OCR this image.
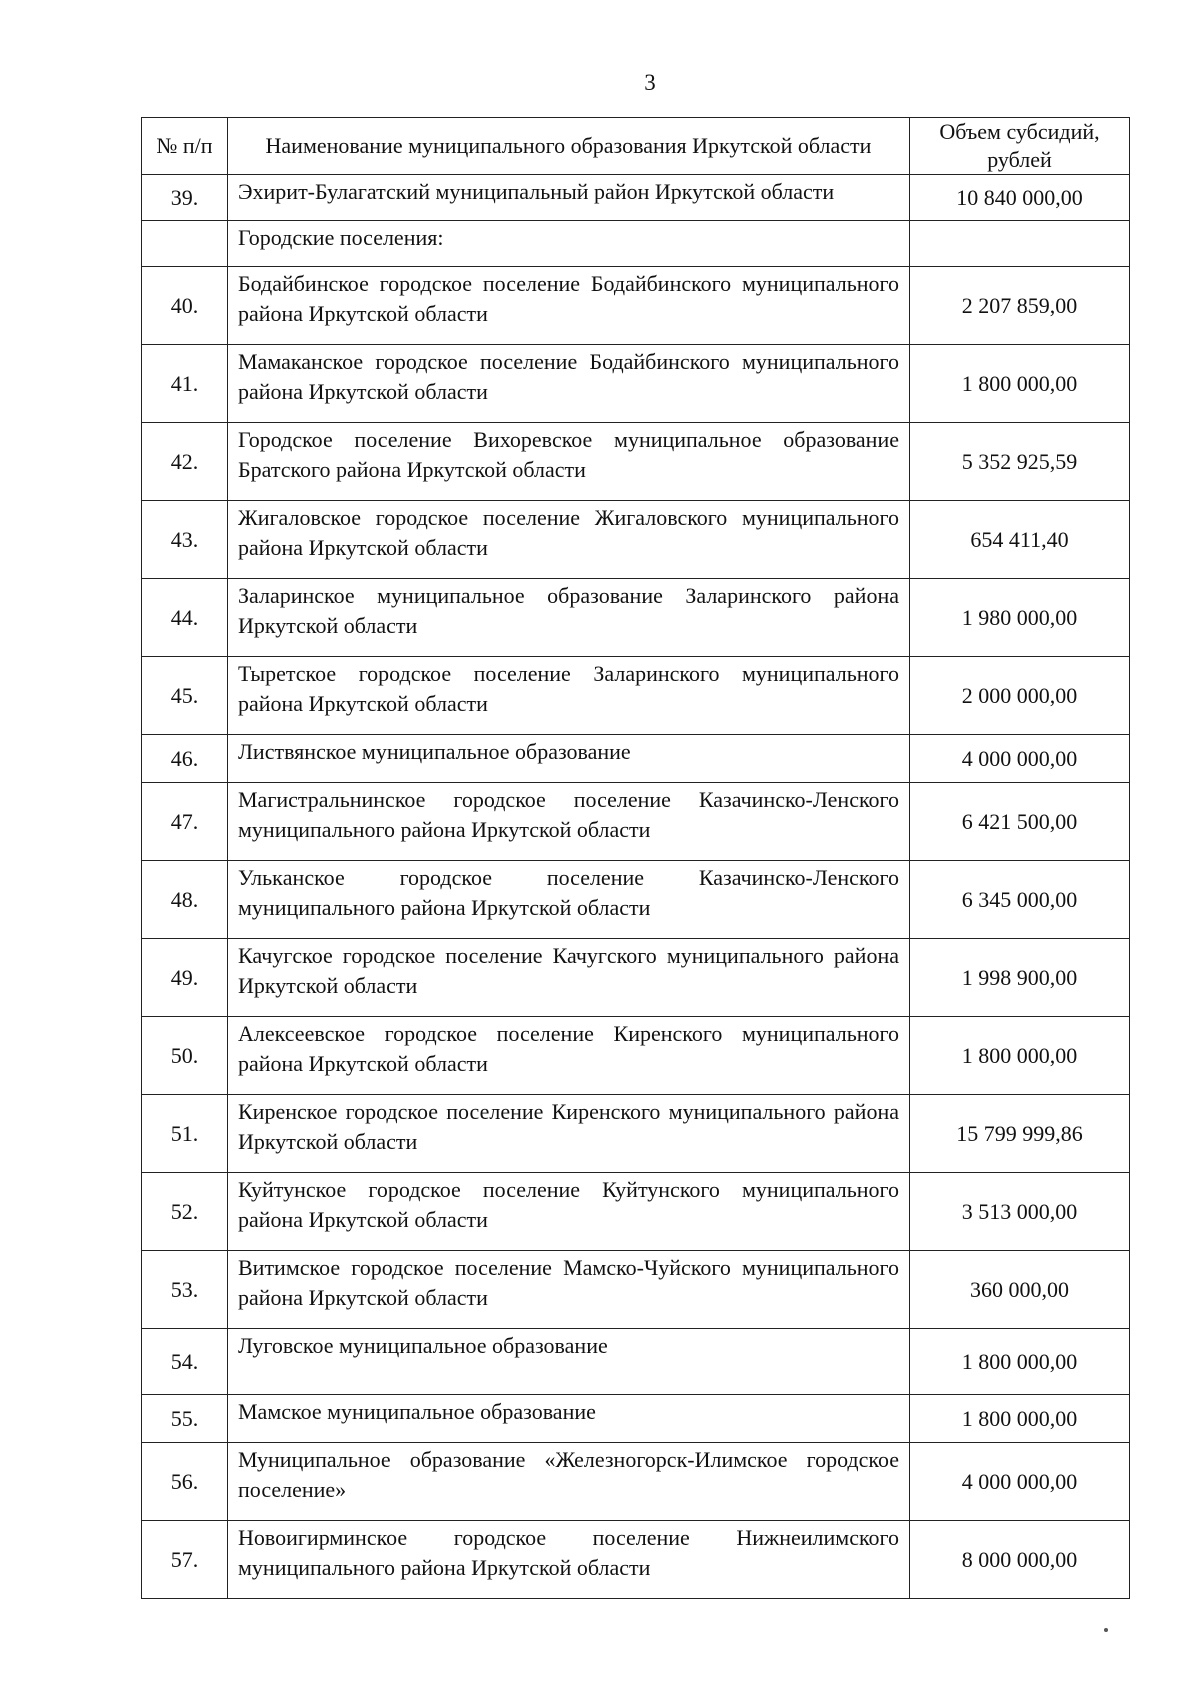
3
№ п/п	Наименование муниципального образования Иркутской области	Объем субсидий, рублей
39.	Эхирит-Булагатский муниципальный район Иркутской области	10 840 000,00
	Городские поселения:	
40.	Бодайбинское городское поселение Бодайбинского муниципального района Иркутской области	2 207 859,00
41.	Мамаканское городское поселение Бодайбинского муниципального района Иркутской области	1 800 000,00
42.	Городское поселение Вихоревское муниципальное образование Братского района Иркутской области	5 352 925,59
43.	Жигаловское городское поселение Жигаловского муниципального района Иркутской области	654 411,40
44.	Заларинское муниципальное образование Заларинского района Иркутской области	1 980 000,00
45.	Тыретское городское поселение Заларинского муниципального района Иркутской области	2 000 000,00
46.	Листвянское муниципальное образование	4 000 000,00
47.	Магистральнинское городское поселение Казачинско-Ленского муниципального района Иркутской области	6 421 500,00
48.	Улькaнское городское поселение Казачинско-Ленского муниципального района Иркутской области	6 345 000,00
49.	Качугское городское поселение Качугского муниципального района Иркутской области	1 998 900,00
50.	Алексеевское городское поселение Киренского муниципального района Иркутской области	1 800 000,00
51.	Киренское городское поселение Киренского муниципального района Иркутской области	15 799 999,86
52.	Куйтунское городское поселение Куйтунского муниципального района Иркутской области	3 513 000,00
53.	Витимское городское поселение Мамско-Чуйского муниципального района Иркутской области	360 000,00
54.	Луговское муниципальное образование	1 800 000,00
55.	Мамское муниципальное образование	1 800 000,00
56.	Муниципальное образование «Железногорск-Илимское городское поселение»	4 000 000,00
57.	Новоигирминское городское поселение Нижнеилимского муниципального района Иркутской области	8 000 000,00
